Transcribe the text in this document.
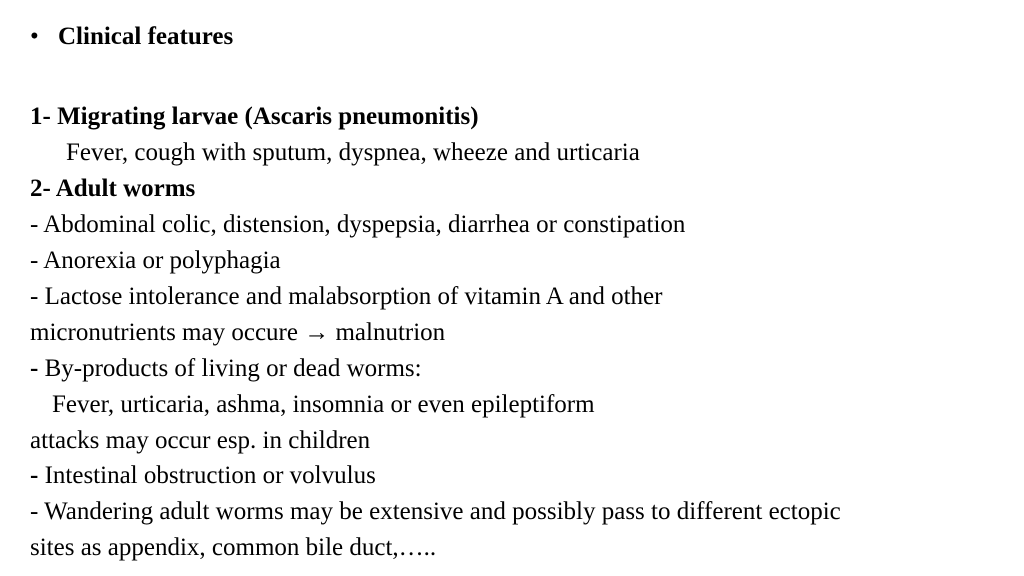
• Clinical features
1- Migrating larvae (Ascaris pneumonitis)
Fever, cough with sputum, dyspnea, wheeze and urticaria
2- Adult worms
- Abdominal colic, distension, dyspepsia, diarrhea or constipation
- Anorexia or polyphagia
- Lactose intolerance and malabsorption of vitamin A and other
micronutrients may occure → malnutrion
- By-products of living or dead worms:
Fever, urticaria, ashma, insomnia or even epileptiform
attacks may occur esp. in children
- Intestinal obstruction or volvulus
- Wandering adult worms may be extensive and possibly pass to different ectopic
sites as appendix, common bile duct,…..
